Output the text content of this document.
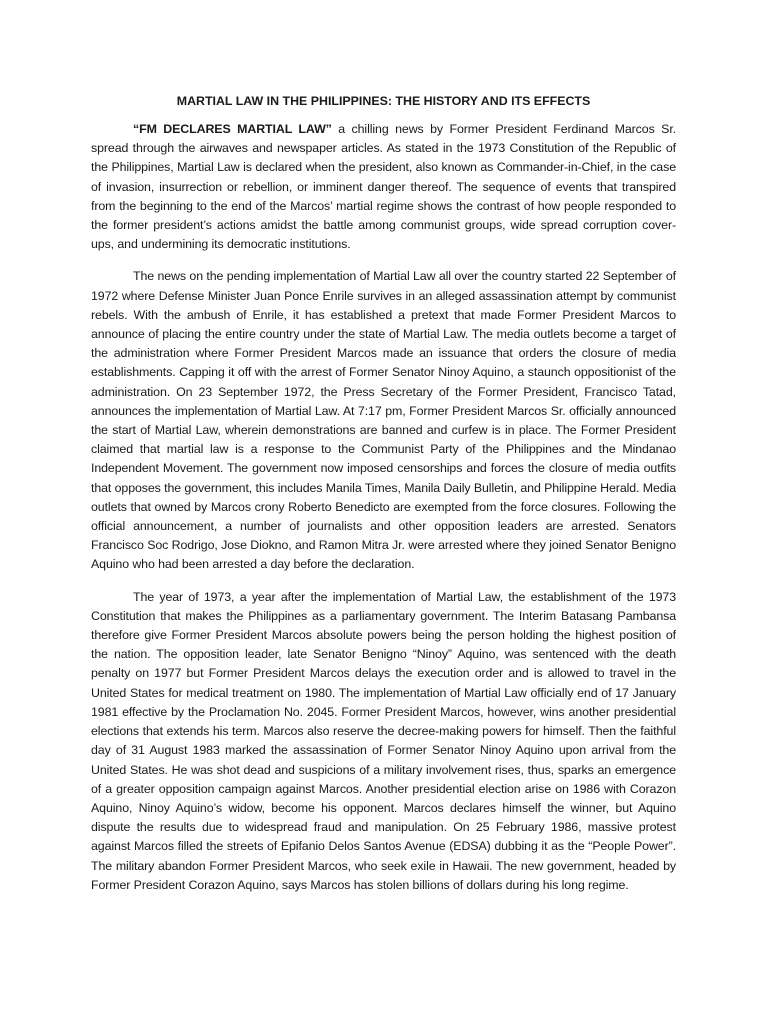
MARTIAL LAW IN THE PHILIPPINES: THE HISTORY AND ITS EFFECTS

“FM DECLARES MARTIAL LAW” a chilling news by Former President Ferdinand Marcos Sr. spread through the airwaves and newspaper articles. As stated in the 1973 Constitution of the Republic of the Philippines, Martial Law is declared when the president, also known as Commander-in-Chief, in the case of invasion, insurrection or rebellion, or imminent danger thereof. The sequence of events that transpired from the beginning to the end of the Marcos’ martial regime shows the contrast of how people responded to the former president’s actions amidst the battle among communist groups, wide spread corruption cover-ups, and undermining its democratic institutions.

The news on the pending implementation of Martial Law all over the country started 22 September of 1972 where Defense Minister Juan Ponce Enrile survives in an alleged assassination attempt by communist rebels. With the ambush of Enrile, it has established a pretext that made Former President Marcos to announce of placing the entire country under the state of Martial Law. The media outlets become a target of the administration where Former President Marcos made an issuance that orders the closure of media establishments. Capping it off with the arrest of Former Senator Ninoy Aquino, a staunch oppositionist of the administration. On 23 September 1972, the Press Secretary of the Former President, Francisco Tatad, announces the implementation of Martial Law. At 7:17 pm, Former President Marcos Sr. officially announced the start of Martial Law, wherein demonstrations are banned and curfew is in place. The Former President claimed that martial law is a response to the Communist Party of the Philippines and the Mindanao Independent Movement. The government now imposed censorships and forces the closure of media outfits that opposes the government, this includes Manila Times, Manila Daily Bulletin, and Philippine Herald. Media outlets that owned by Marcos crony Roberto Benedicto are exempted from the force closures. Following the official announcement, a number of journalists and other opposition leaders are arrested. Senators Francisco Soc Rodrigo, Jose Diokno, and Ramon Mitra Jr. were arrested where they joined Senator Benigno Aquino who had been arrested a day before the declaration.

The year of 1973, a year after the implementation of Martial Law, the establishment of the 1973 Constitution that makes the Philippines as a parliamentary government. The Interim Batasang Pambansa therefore give Former President Marcos absolute powers being the person holding the highest position of the nation. The opposition leader, late Senator Benigno “Ninoy” Aquino, was sentenced with the death penalty on 1977 but Former President Marcos delays the execution order and is allowed to travel in the United States for medical treatment on 1980. The implementation of Martial Law officially end of 17 January 1981 effective by the Proclamation No. 2045. Former President Marcos, however, wins another presidential elections that extends his term. Marcos also reserve the decree-making powers for himself. Then the faithful day of 31 August 1983 marked the assassination of Former Senator Ninoy Aquino upon arrival from the United States. He was shot dead and suspicions of a military involvement rises, thus, sparks an emergence of a greater opposition campaign against Marcos. Another presidential election arise on 1986 with Corazon Aquino, Ninoy Aquino’s widow, become his opponent. Marcos declares himself the winner, but Aquino dispute the results due to widespread fraud and manipulation. On 25 February 1986, massive protest against Marcos filled the streets of Epifanio Delos Santos Avenue (EDSA) dubbing it as the “People Power”. The military abandon Former President Marcos, who seek exile in Hawaii. The new government, headed by Former President Corazon Aquino, says Marcos has stolen billions of dollars during his long regime.
